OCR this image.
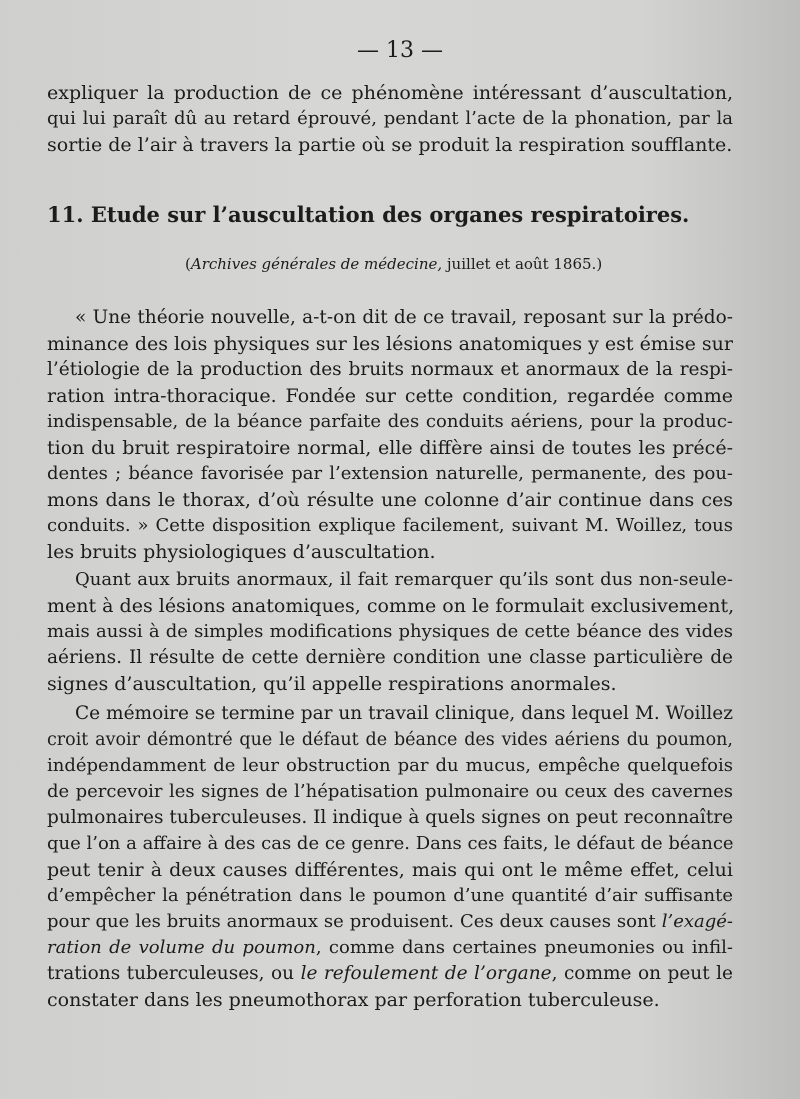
— 13 —
expliquer la production de ce phénomène intéressant d’auscultation,
qui lui paraît dû au retard éprouvé, pendant l’acte de la phonation, par la
sortie de l’air à travers la partie où se produit la respiration soufflante.
11. Etude sur l’auscultation des organes respiratoires.
(Archives générales de médecine, juillet et août 1865.)
« Une théorie nouvelle, a-t-on dit de ce travail, reposant sur la prédo-
minance des lois physiques sur les lésions anatomiques y est émise sur
l’étiologie de la production des bruits normaux et anormaux de la respi-
ration intra-thoracique. Fondée sur cette condition, regardée comme
indispensable, de la béance parfaite des conduits aériens, pour la produc-
tion du bruit respiratoire normal, elle diffère ainsi de toutes les précé-
dentes ; béance favorisée par l’extension naturelle, permanente, des pou-
mons dans le thorax, d’où résulte une colonne d’air continue dans ces
conduits. » Cette disposition explique facilement, suivant M. Woillez, tous
les bruits physiologiques d’auscultation.
Quant aux bruits anormaux, il fait remarquer qu’ils sont dus non-seule-
ment à des lésions anatomiques, comme on le formulait exclusivement,
mais aussi à de simples modifications physiques de cette béance des vides
aériens. Il résulte de cette dernière condition une classe particulière de
signes d’auscultation, qu’il appelle respirations anormales.
Ce mémoire se termine par un travail clinique, dans lequel M. Woillez
croit avoir démontré que le défaut de béance des vides aériens du poumon,
indépendamment de leur obstruction par du mucus, empêche quelquefois
de percevoir les signes de l’hépatisation pulmonaire ou ceux des cavernes
pulmonaires tuberculeuses. Il indique à quels signes on peut reconnaître
que l’on a affaire à des cas de ce genre. Dans ces faits, le défaut de béance
peut tenir à deux causes différentes, mais qui ont le même effet, celui
d’empêcher la pénétration dans le poumon d’une quantité d’air suffisante
pour que les bruits anormaux se produisent. Ces deux causes sont l’exagé-
ration de volume du poumon, comme dans certaines pneumonies ou infil-
trations tuberculeuses, ou le refoulement de l’organe, comme on peut le
constater dans les pneumothorax par perforation tuberculeuse.
